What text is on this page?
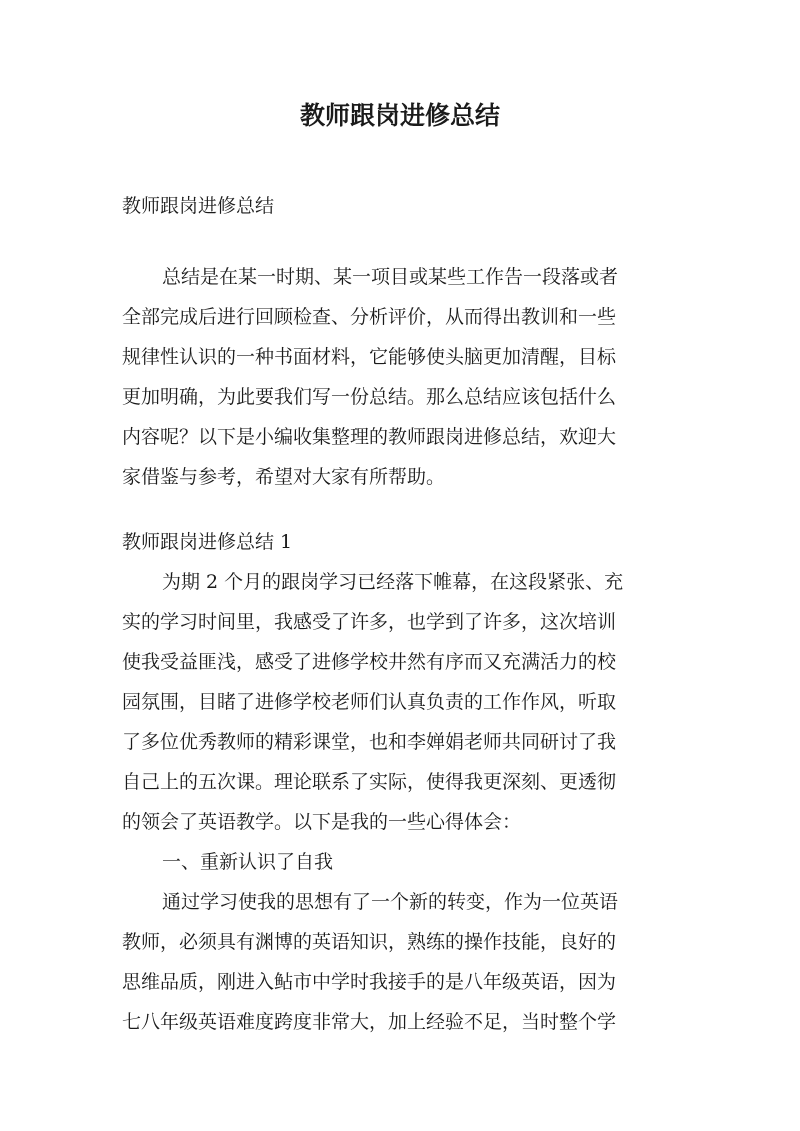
教师跟岗进修总结
教师跟岗进修总结
总结是在某一时期、某一项目或某些工作告一段落或者
全部完成后进行回顾检查、分析评价，从而得出教训和一些
规律性认识的一种书面材料，它能够使头脑更加清醒，目标
更加明确，为此要我们写一份总结。那么总结应该包括什么
内容呢？以下是小编收集整理的教师跟岗进修总结，欢迎大
家借鉴与参考，希望对大家有所帮助。
教师跟岗进修总结 1
为期 2 个月的跟岗学习已经落下帷幕，在这段紧张、充
实的学习时间里，我感受了许多，也学到了许多，这次培训
使我受益匪浅，感受了进修学校井然有序而又充满活力的校
园氛围，目睹了进修学校老师们认真负责的工作作风，听取
了多位优秀教师的精彩课堂，也和李婵娟老师共同研讨了我
自己上的五次课。理论联系了实际，使得我更深刻、更透彻
的领会了英语教学。以下是我的一些心得体会：
一、重新认识了自我
通过学习使我的思想有了一个新的转变，作为一位英语
教师，必须具有渊博的英语知识，熟练的操作技能，良好的
思维品质，刚进入鲇市中学时我接手的是八年级英语，因为
七八年级英语难度跨度非常大，加上经验不足，当时整个学
